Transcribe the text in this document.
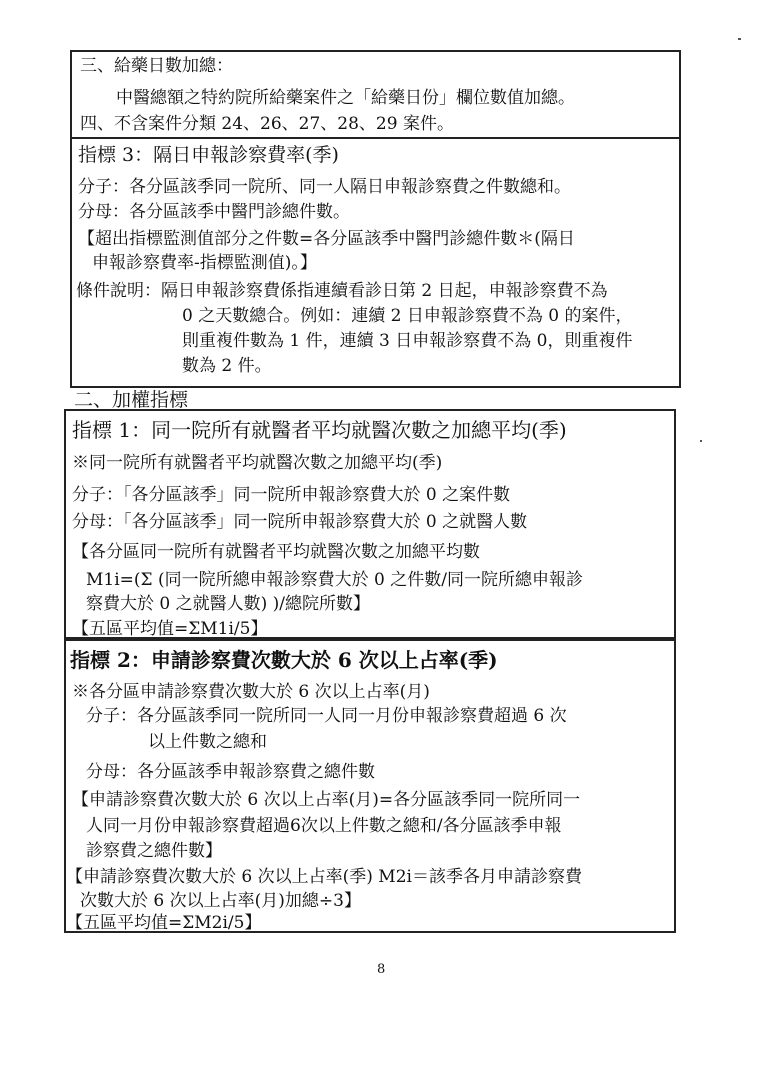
三、給藥日數加總：
中醫總額之特約院所給藥案件之「給藥日份」欄位數值加總。
四、不含案件分類 24、26、27、28、29 案件。
指標 3：隔日申報診察費率(季)
分子：各分區該季同一院所、同一人隔日申報診察費之件數總和。
分母：各分區該季中醫門診總件數。
【超出指標監測值部分之件數=各分區該季中醫門診總件數＊(隔日
申報診察費率-指標監測值)。】
條件說明：隔日申報診察費係指連續看診日第 2 日起，申報診察費不為
0 之天數總合。例如：連續 2 日申報診察費不為 0 的案件，
則重複件數為 1 件，連續 3 日申報診察費不為 0，則重複件
數為 2 件。
二、加權指標
指標 1：同一院所有就醫者平均就醫次數之加總平均(季)
※同一院所有就醫者平均就醫次數之加總平均(季)
分子：「各分區該季」同一院所申報診察費大於 0 之案件數
分母：「各分區該季」同一院所申報診察費大於 0 之就醫人數
【各分區同一院所有就醫者平均就醫次數之加總平均數
M1i=(Σ (同一院所總申報診察費大於 0 之件數/同一院所總申報診
察費大於 0 之就醫人數) )/總院所數】
【五區平均值=ΣM1i/5】
指標 2：申請診察費次數大於 6 次以上占率(季)
※各分區申請診察費次數大於 6 次以上占率(月)
分子：各分區該季同一院所同一人同一月份申報診察費超過 6 次
以上件數之總和
分母：各分區該季申報診察費之總件數
【申請診察費次數大於 6 次以上占率(月)=各分區該季同一院所同一
人同一月份申報診察費超過6次以上件數之總和/各分區該季申報
診察費之總件數】
【申請診察費次數大於 6 次以上占率(季) M2i＝該季各月申請診察費
次數大於 6 次以上占率(月)加總÷3】
【五區平均值=ΣM2i/5】
8
